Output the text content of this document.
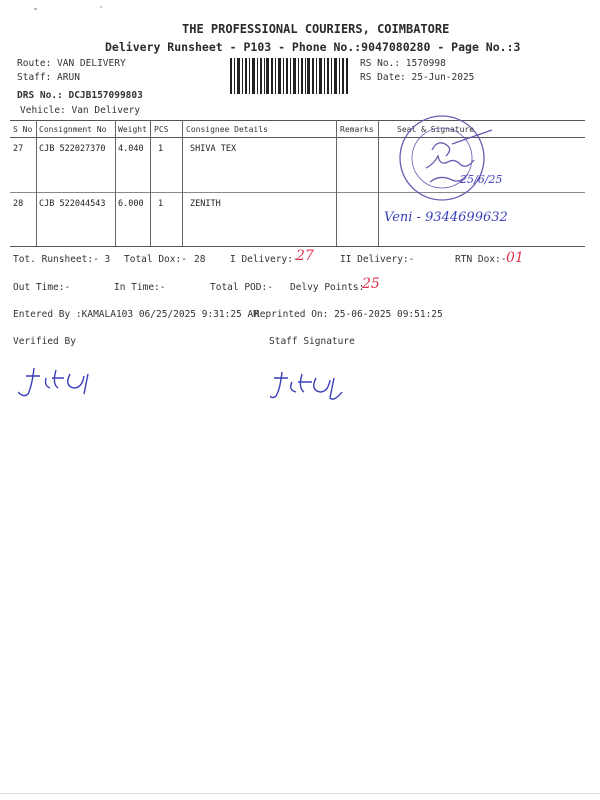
THE PROFESSIONAL COURIERS, COIMBATORE
Delivery Runsheet - P103 - Phone No.:9047080280 - Page No.:3
Route: VAN DELIVERY
Staff: ARUN
DRS No.: DCJB157099803
Vehicle: Van Delivery
RS No.: 1570998
RS Date: 25-Jun-2025
S No Consignment No Weight PCS Consignee Details	Remarks	Seal & Signature
27 CJB 522027370 4.040 1	SHIVA TEX
28 CJB 522044543 6.000 1	ZENITH
25/6/25
Veni - 9344699632
Tot. Runsheet:- 3 Total Dox:- 28	I Delivery:-
27	II Delivery:-	RTN Dox:- 01
Out Time:-	In Time:-	Total POD:- Delvy Points:-
25
Entered By :KAMALA103 06/25/2025 9:31:25 AM
Reprinted On: 25-06-2025 09:51:25
Verified By	Staff Signature
